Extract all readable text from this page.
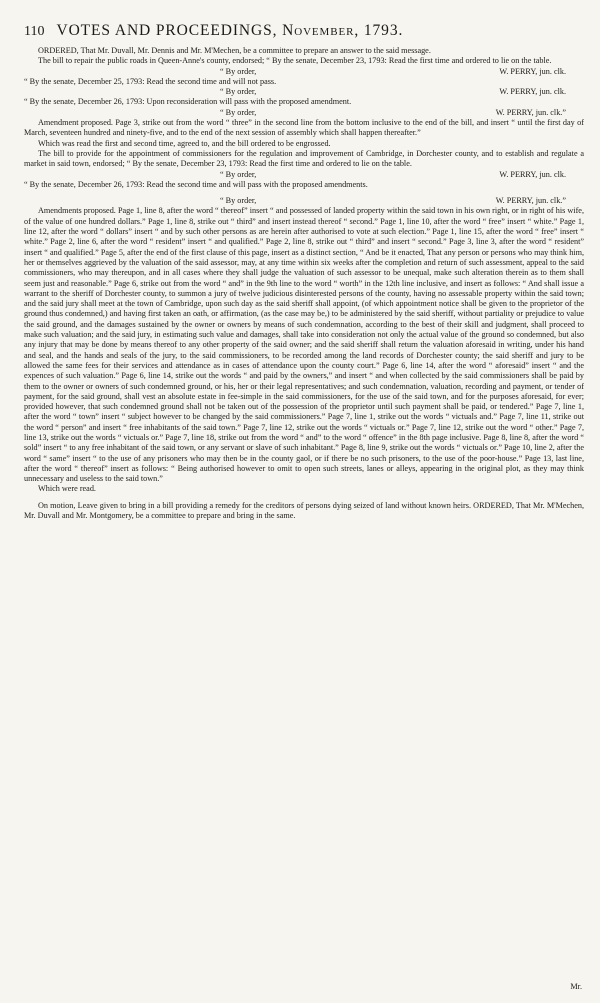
110 VOTES AND PROCEEDINGS, November, 1793.

ORDERED, That Mr. Duvall, Mr. Dennis and Mr. M'Mechen, be a committee to prepare an answer to the said message.

The bill to repair the public roads in Queen-Anne's county, endorsed; “ By the senate, December 23, 1793: Read the first time and ordered to lie on the table.

“ By order,	W. PERRY, jun. clk.

“ By the senate, December 25, 1793: Read the second time and will not pass.

“ By order,	W. PERRY, jun. clk.

“ By the senate, December 26, 1793: Upon reconsideration will pass with the proposed amendment.

“ By order,	W. PERRY, jun. clk.”

Amendment proposed. Page 3, strike out from the word “ three” in the second line from the bottom inclusive to the end of the bill, and insert “ until the first day of March, seventeen hundred and ninety-five, and to the end of the next session of assembly which shall happen thereafter.”

Which was read the first and second time, agreed to, and the bill ordered to be engrossed.

The bill to provide for the appointment of commissioners for the regulation and improvement of Cambridge, in Dorchester county, and to establish and regulate a market in said town, endorsed; “ By the senate, December 23, 1793: Read the first time and ordered to lie on the table.

“ By order,	W. PERRY, jun. clk.

“ By the senate, December 26, 1793: Read the second time and will pass with the proposed amendments.

“ By order,	W. PERRY, jun. clk.”

Amendments proposed. Page 1, line 8, after the word “ thereof” insert “ and possessed of landed property within the said town in his own right, or in right of his wife, of the value of one hundred dollars.” Page 1, line 8, strike out “ third” and insert instead thereof “ second.” Page 1, line 10, after the word “ free” insert “ white.” Page 1, line 12, after the word “ dollars” insert “ and by such other persons as are herein after authorised to vote at such election.” Page 1, line 15, after the word “ free” insert “ white.” Page 2, line 6, after the word “ resident” insert “ and qualified.” Page 2, line 8, strike out “ third” and insert “ second.” Page 3, line 3, after the word “ resident” insert “ and qualified.” Page 5, after the end of the first clause of this page, insert as a distinct section, “ And be it enacted, That any person or persons who may think him, her or themselves aggrieved by the valuation of the said assessor, may, at any time within six weeks after the completion and return of such assessment, appeal to the said commissioners, who may thereupon, and in all cases where they shall judge the valuation of such assessor to be unequal, make such alteration therein as to them shall seem just and reasonable.” Page 6, strike out from the word “ and” in the 9th line to the word “ worth” in the 12th line inclusive, and insert as follows: “ And shall issue a warrant to the sheriff of Dorchester county, to summon a jury of twelve judicious disinterested persons of the county, having no assessable property within the said town; and the said jury shall meet at the town of Cambridge, upon such day as the said sheriff shall appoint, (of which appointment notice shall be given to the proprietor of the ground thus condemned,) and having first taken an oath, or affirmation, (as the case may be,) to be administered by the said sheriff, without partiality or prejudice to value the said ground, and the damages sustained by the owner or owners by means of such condemnation, according to the best of their skill and judgment, shall proceed to make such valuation; and the said jury, in estimating such value and damages, shall take into consideration not only the actual value of the ground so condemned, but also any injury that may be done by means thereof to any other property of the said owner; and the said sheriff shall return the valuation aforesaid in writing, under his hand and seal, and the hands and seals of the jury, to the said commissioners, to be recorded among the land records of Dorchester county; the said sheriff and jury to be allowed the same fees for their services and attendance as in cases of attendance upon the county court.” Page 6, line 14, after the word “ aforesaid” insert “ and the expences of such valuation.” Page 6, line 14, strike out the words “ and paid by the owners,” and insert “ and when collected by the said commissioners shall be paid by them to the owner or owners of such condemned ground, or his, her or their legal representatives; and such condemnation, valuation, recording and payment, or tender of payment, for the said ground, shall vest an absolute estate in fee-simple in the said commissioners, for the use of the said town, and for the purposes aforesaid, for ever; provided however, that such condemned ground shall not be taken out of the possession of the proprietor until such payment shall be paid, or tendered.” Page 7, line 1, after the word “ town” insert “ subject however to be changed by the said commissioners.” Page 7, line 1, strike out the words “ victuals and.” Page 7, line 11, strike out the word “ person” and insert “ free inhabitants of the said town.” Page 7, line 12, strike out the words “ victuals or.” Page 7, line 12, strike out the word “ other.” Page 7, line 13, strike out the words “ victuals or.” Page 7, line 18, strike out from the word “ and” to the word “ offence” in the 8th page inclusive. Page 8, line 8, after the word “ sold” insert “ to any free inhabitant of the said town, or any servant or slave of such inhabitant.” Page 8, line 9, strike out the words “ victuals or.” Page 10, line 2, after the word “ same” insert “ to the use of any prisoners who may then be in the county gaol, or if there be no such prisoners, to the use of the poor-house.” Page 13, last line, after the word “ thereof” insert as follows: “ Being authorised however to omit to open such streets, lanes or alleys, appearing in the original plot, as they may think unnecessary and useless to the said town.”

Which were read.

On motion, Leave given to bring in a bill providing a remedy for the creditors of persons dying seized of land without known heirs. ORDERED, That Mr. M'Mechen, Mr. Duvall and Mr. Montgomery, be a committee to prepare and bring in the same.

Mr.
